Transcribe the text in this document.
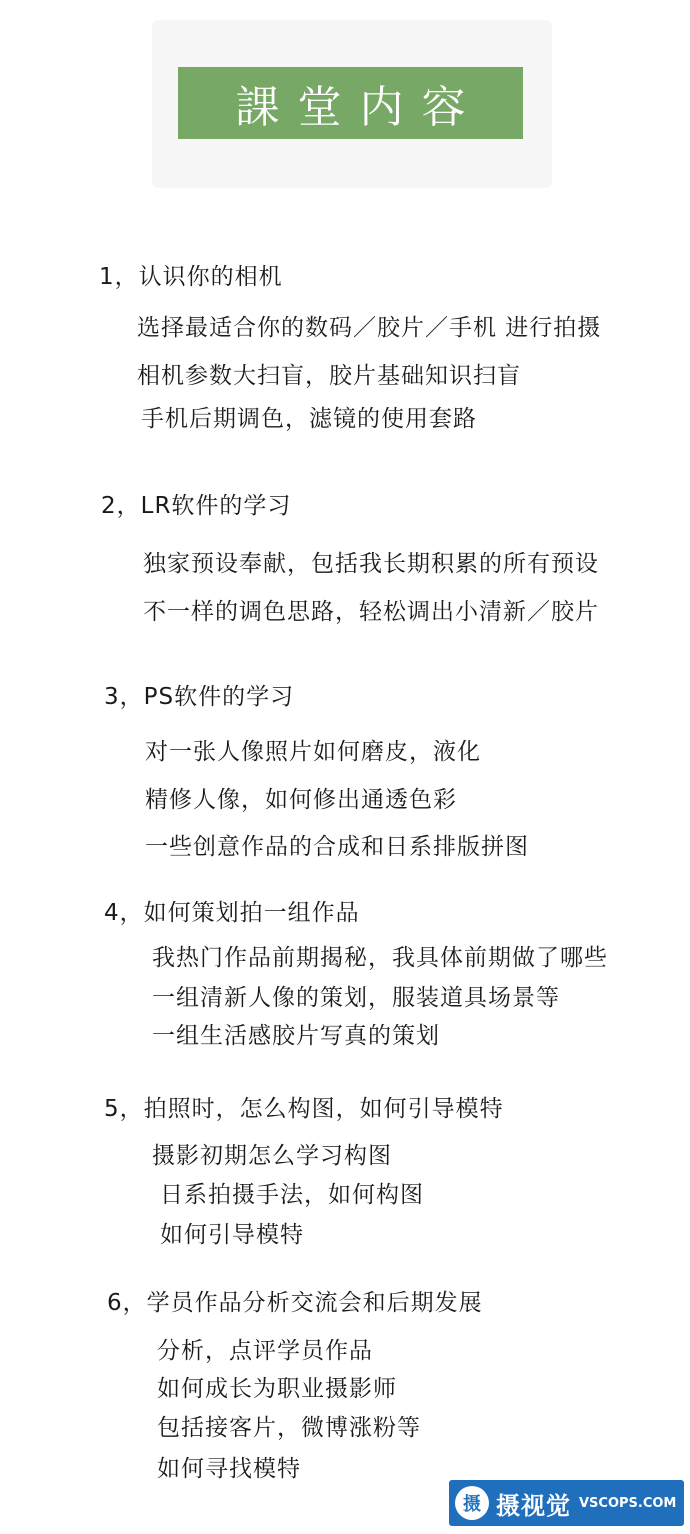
課堂内容
1，认识你的相机
选择最适合你的数码／胶片／手机 进行拍摄
相机参数大扫盲，胶片基础知识扫盲
手机后期调色，滤镜的使用套路
2，LR软件的学习
独家预设奉献，包括我长期积累的所有预设
不一样的调色思路，轻松调出小清新／胶片
3，PS软件的学习
对一张人像照片如何磨皮，液化
精修人像，如何修出通透色彩
一些创意作品的合成和日系排版拼图
4，如何策划拍一组作品
我热门作品前期揭秘，我具体前期做了哪些
一组清新人像的策划，服装道具场景等
一组生活感胶片写真的策划
5，拍照时，怎么构图，如何引导模特
摄影初期怎么学习构图
日系拍摄手法，如何构图
如何引导模特
6，学员作品分析交流会和后期发展
分析，点评学员作品
如何成长为职业摄影师
包括接客片，微博涨粉等
如何寻找模特
摄 摄视觉 VSCOPS.COM
